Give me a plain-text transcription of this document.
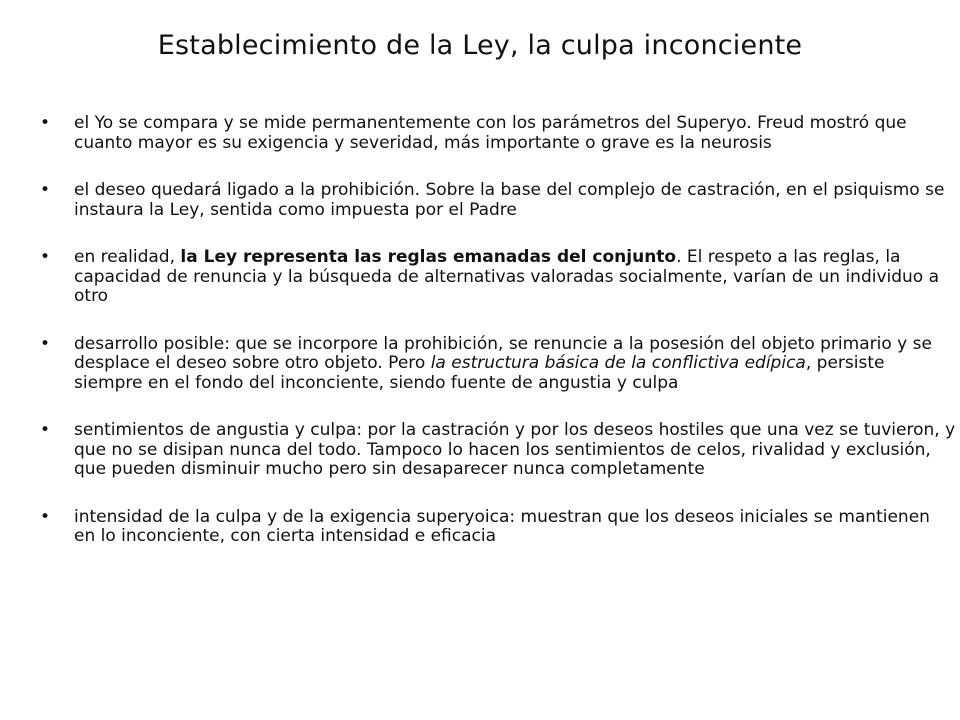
Establecimiento de la Ley, la culpa inconciente
• el Yo se compara y se mide permanentemente con los parámetros del Superyo. Freud mostró que cuanto mayor es su exigencia y severidad, más importante o grave es la neurosis
• el deseo quedará ligado a la prohibición. Sobre la base del complejo de castración, en el psiquismo se instaura la Ley, sentida como impuesta por el Padre
• en realidad, la Ley representa las reglas emanadas del conjunto. El respeto a las reglas, la capacidad de renuncia y la búsqueda de alternativas valoradas socialmente, varían de un individuo a otro
• desarrollo posible: que se incorpore la prohibición, se renuncie a la posesión del objeto primario y se desplace el deseo sobre otro objeto. Pero la estructura básica de la conflictiva edípica, persiste siempre en el fondo del inconciente, siendo fuente de angustia y culpa
• sentimientos de angustia y culpa: por la castración y por los deseos hostiles que una vez se tuvieron, y que no se disipan nunca del todo. Tampoco lo hacen los sentimientos de celos, rivalidad y exclusión, que pueden disminuir mucho pero sin desaparecer nunca completamente
• intensidad de la culpa y de la exigencia superyoica: muestran que los deseos iniciales se mantienen en lo inconciente, con cierta intensidad e eficacia
